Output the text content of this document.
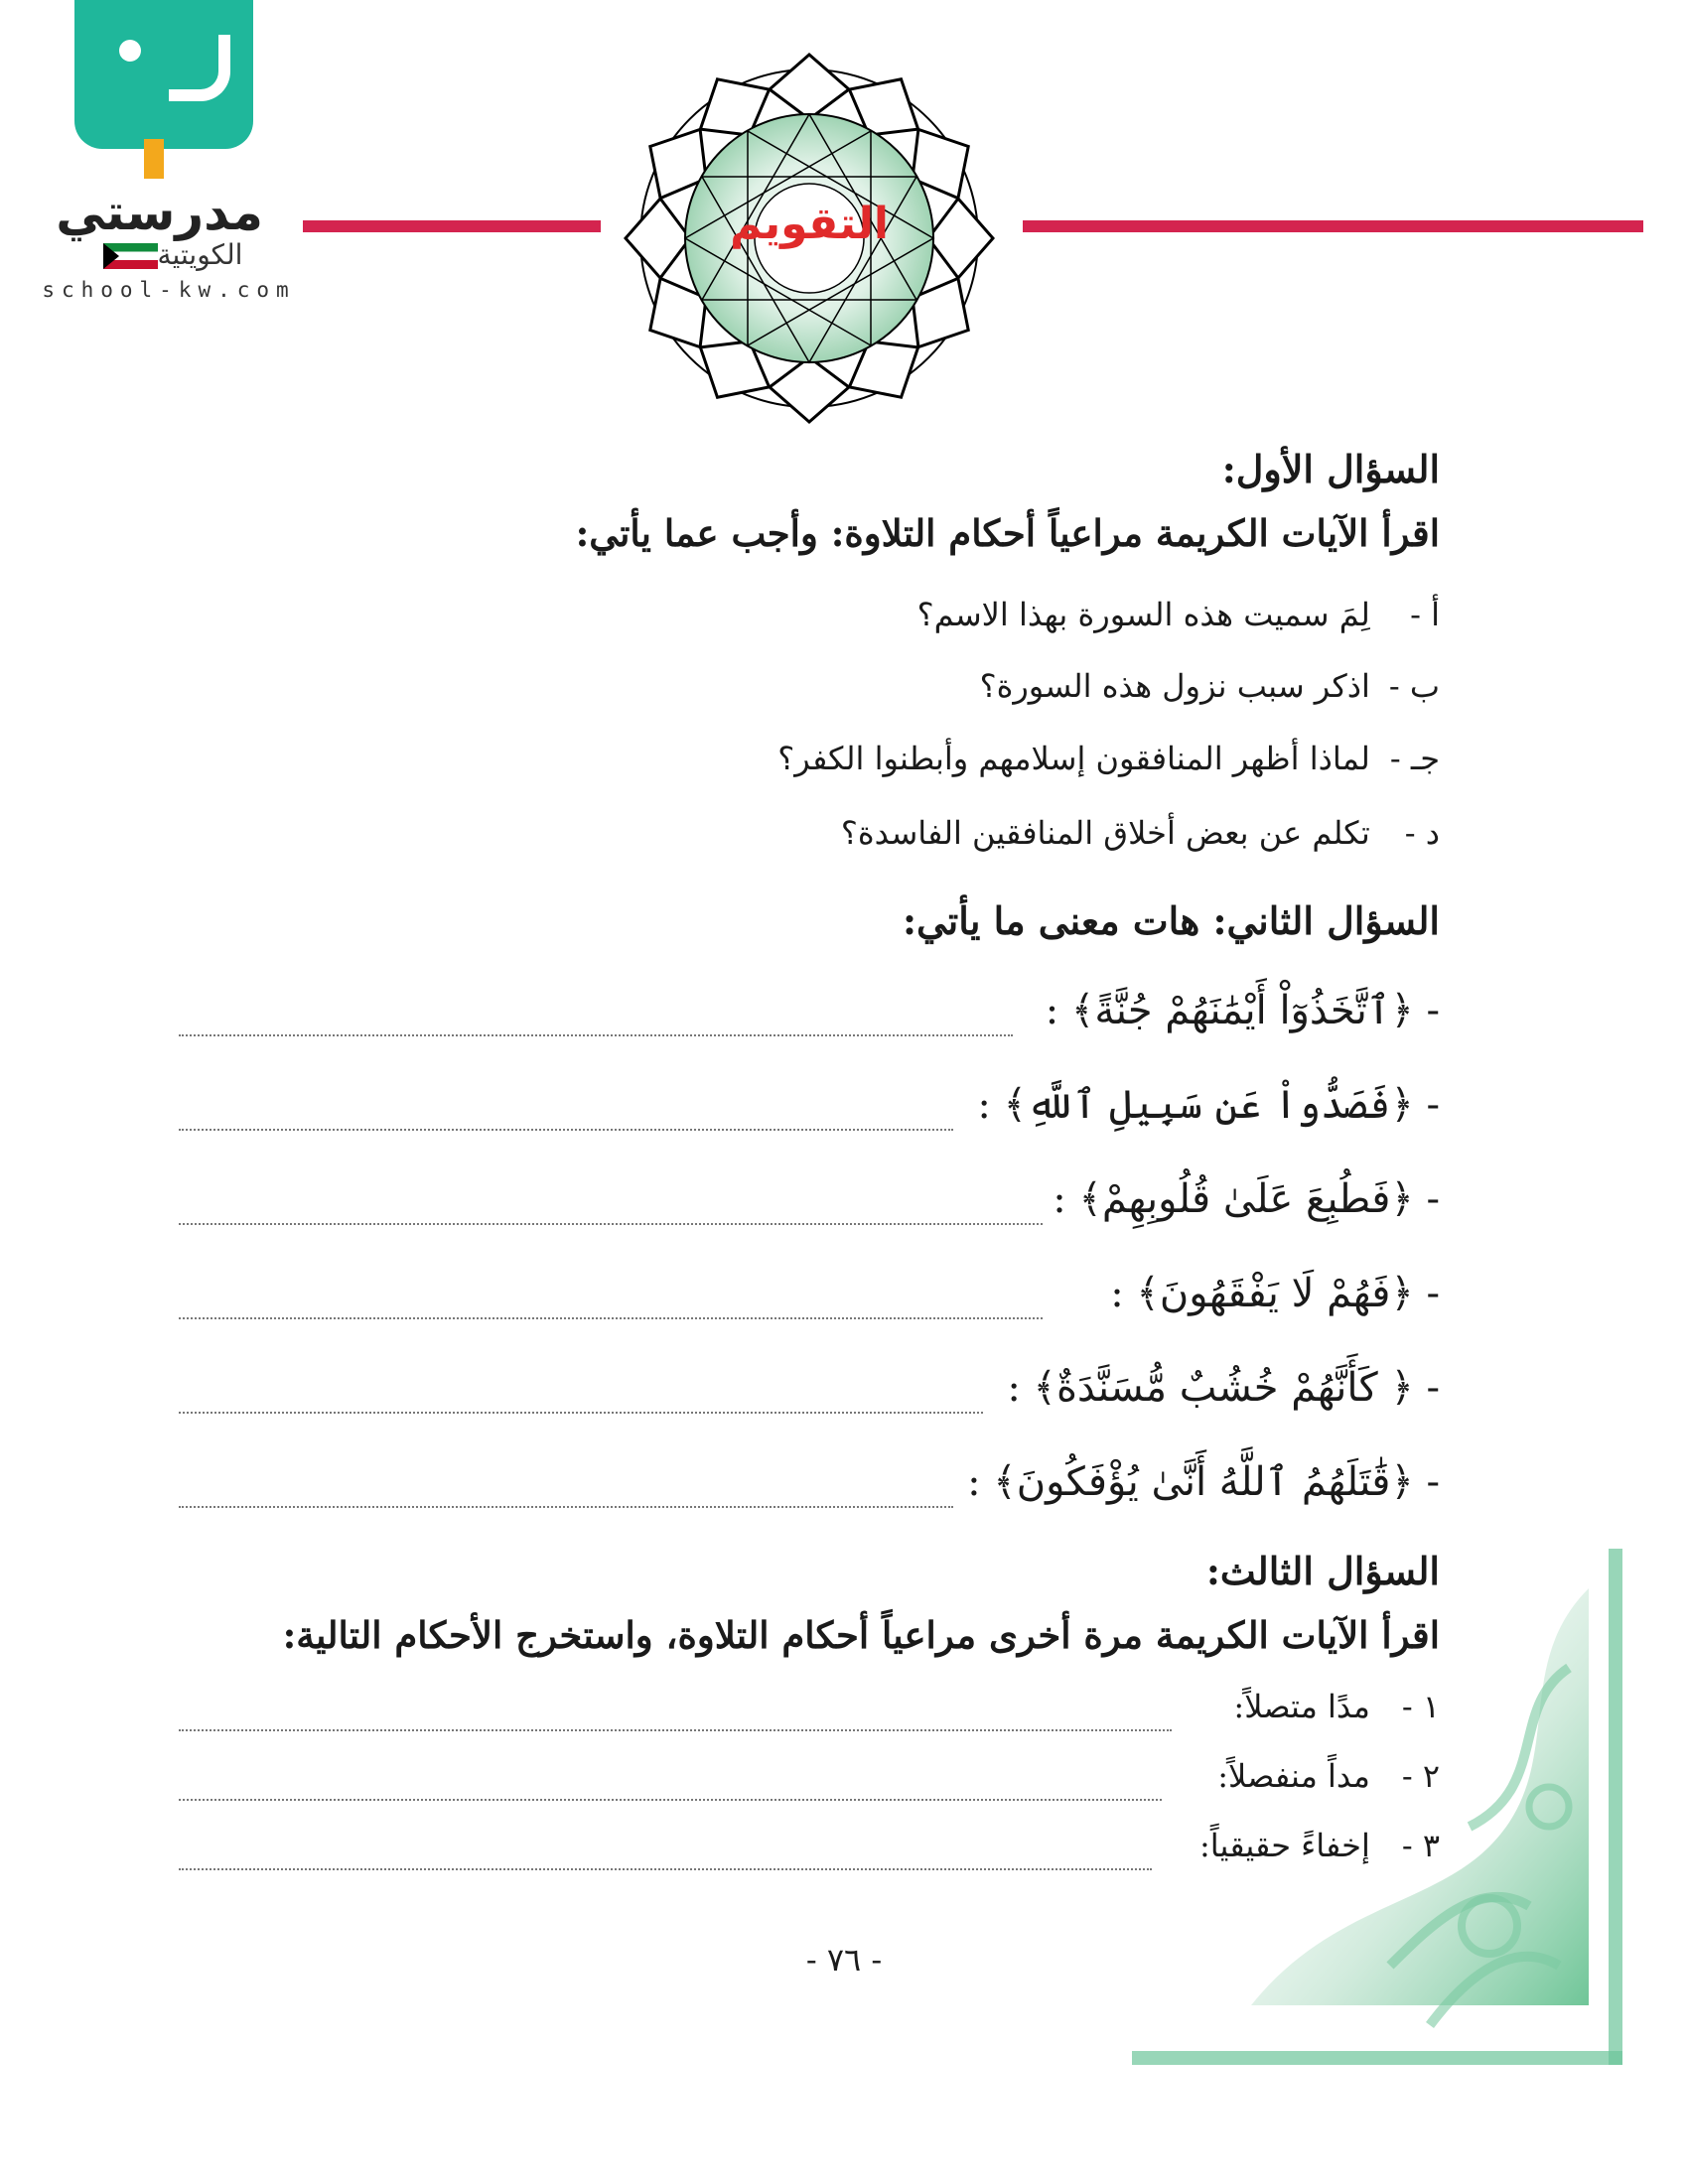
مدرستي
الكويتية
school-kw.com
التقويم
السؤال الأول:
اقرأ الآيات الكريمة مراعياً أحكام التلاوة: وأجب عما يأتي:
أ - لِمَ سميت هذه السورة بهذا الاسم؟
ب - اذكر سبب نزول هذه السورة؟
جـ - لماذا أظهر المنافقون إسلامهم وأبطنوا الكفر؟
د - تكلم عن بعض أخلاق المنافقين الفاسدة؟
السؤال الثاني: هات معنى ما يأتي:
- ﴿ٱتَّخَذُوٓاْ أَيْمَٰنَهُمْ جُنَّةً﴾ :
- ﴿فَصَدُّواْ عَن سَبِيلِ ٱللَّهِ﴾ :
- ﴿فَطُبِعَ عَلَىٰ قُلُوبِهِمْ﴾ :
- ﴿فَهُمْ لَا يَفْقَهُونَ﴾ :
- ﴿ كَأَنَّهُمْ خُشُبٌ مُّسَنَّدَةٌ﴾ :
- ﴿قَٰتَلَهُمُ ٱللَّهُ أَنَّىٰ يُؤْفَكُونَ﴾ :
السؤال الثالث:
اقرأ الآيات الكريمة مرة أخرى مراعياً أحكام التلاوة، واستخرج الأحكام التالية:
١ - مدًا متصلاً:
٢ - مداً منفصلاً:
٣ - إخفاءً حقيقياً:
- ٧٦ -
